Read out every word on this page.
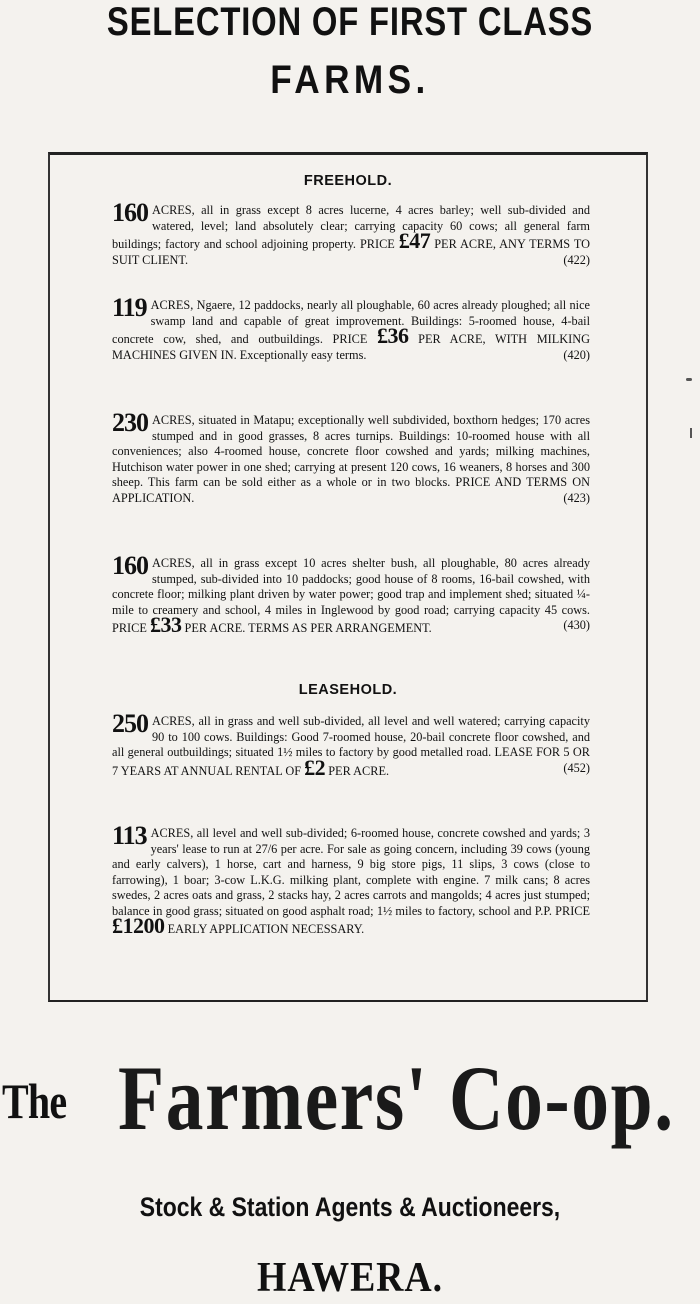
SELECTION OF FIRST CLASS
FARMS.
FREEHOLD.
160 ACRES, all in grass except 8 acres lucerne, 4 acres barley; well sub-divided and watered, level; land absolutely clear; carrying capacity 60 cows; all general farm buildings; factory and school adjoining property. PRICE £47 PER ACRE, ANY TERMS TO SUIT CLIENT.	(422)
119 ACRES, Ngaere, 12 paddocks, nearly all ploughable, 60 acres already ploughed; all nice swamp land and capable of great improvement. Buildings: 5-roomed house, 4-bail concrete cow, shed, and outbuildings. PRICE £36 PER ACRE, WITH MILKING MACHINES GIVEN IN. Exceptionally easy terms.	(420)
230 ACRES, situated in Matapu; exceptionally well subdivided, boxthorn hedges; 170 acres stumped and in good grasses, 8 acres turnips. Buildings: 10-roomed house with all conveniences; also 4-roomed house, concrete floor cowshed and yards; milking machines, Hutchison water power in one shed; carrying at present 120 cows, 16 weaners, 8 horses and 300 sheep. This farm can be sold either as a whole or in two blocks. PRICE AND TERMS ON APPLICATION.	(423)
160 ACRES, all in grass except 10 acres shelter bush, all ploughable, 80 acres already stumped, sub-divided into 10 paddocks; good house of 8 rooms, 16-bail cowshed, with concrete floor; milking plant driven by water power; good trap and implement shed; situated ¼-mile to creamery and school, 4 miles in Inglewood by good road; carrying capacity 45 cows. PRICE £33 PER ACRE. TERMS AS PER ARRANGEMENT.	(430)
LEASEHOLD.
250 ACRES, all in grass and well sub-divided, all level and well watered; carrying capacity 90 to 100 cows. Buildings: Good 7-roomed house, 20-bail concrete floor cowshed, and all general outbuildings; situated 1½ miles to factory by good metalled road. LEASE FOR 5 OR 7 YEARS AT ANNUAL RENTAL OF £2 PER ACRE.	(452)
113 ACRES, all level and well sub-divided; 6-roomed house, concrete cowshed and yards; 3 years' lease to run at 27/6 per acre. For sale as going concern, including 39 cows (young and early calvers), 1 horse, cart and harness, 9 big store pigs, 11 slips, 3 cows (close to farrowing), 1 boar; 3-cow L.K.G. milking plant, complete with engine. 7 milk cans; 8 acres swedes, 2 acres oats and grass, 2 stacks hay, 2 acres carrots and mangolds; 4 acres just stumped; balance in good grass; situated on good asphalt road; 1½ miles to factory, school and P.P. PRICE £1200 EARLY APPLICATION NECESSARY.
The Farmers' Co-op.
Stock & Station Agents & Auctioneers,
HAWERA.
